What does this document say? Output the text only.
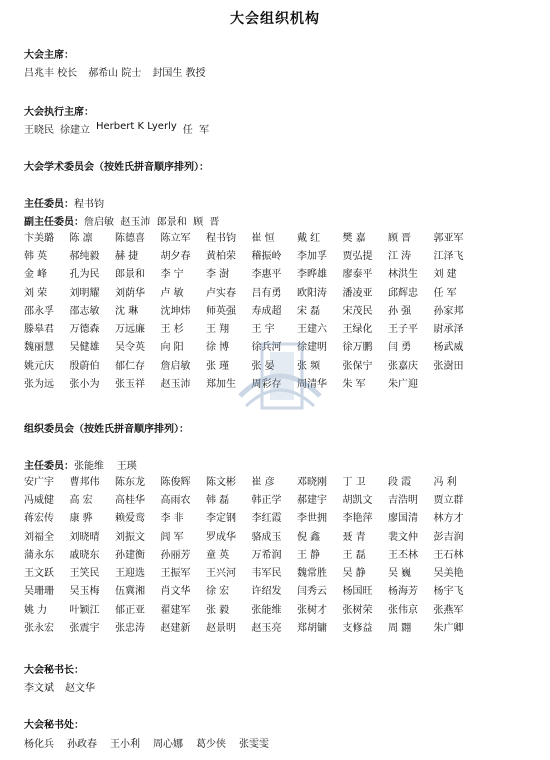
大会组织机构
大会主席：
吕兆丰 校长 郝希山 院士 封国生 教授
大会执行主席：
王晓民 徐建立 Herbert K Lyerly 任  军
大会学术委员会（按姓氏拼音顺序排列）：
主任委员：程书钧
副主任委员：詹启敏  赵玉沛  郎景和  顾  晋
卞美璐	陈 凛	陈德喜	陈立军	程书钧	崔 恒	戴 红	樊 嘉	顾 晋	郭亚军
韩 英	郝纯毅	赫 捷	胡夕春	黄柏荣	稽振岭	李加孚	贾弘提	江 涛	江泽飞
金 峰	孔为民	郎景和	李 宁	李 澍	李惠平	李晔雄	廖泰平	林洪生	刘 建
刘 荣	刘明耀	刘荫华	卢 敏	卢实春	吕有勇	欧阳涛	潘凌亚	邱辉忠	任 军
邵永孚	邵志敏	沈 琳	沈坤炜	师英强	寿成超	宋 磊	宋茂民	孙 强	孙家邦
滕皋君	万德森	万远廉	王 杉	王 翔	王 宇	王建六	王绿化	王子平	尉承泽
魏丽慧	吴健雄	吴令英	向 阳	徐 博	徐兵河	徐建明	徐万鹏	闫 勇	杨武威
姚元庆	殷蔚伯	郁仁存	詹启敏	张 瑾	张 晏	张 频	张保宁	张嘉庆	张澍田
张为远	张小为	张玉祥	赵玉沛	郑加生	周彩存	周清华	朱 军	朱广迎
组织委员会（按姓氏拼音顺序排列）：
主任委员：张能维    王瑛
安广宇	曹邦伟	陈东龙	陈俊辉	陈文彬	崔 彦	邓晓刚	丁 卫	段 霞	冯 利
冯威健	高 宏	高桂华	高雨农	韩 磊	韩正学	郝建宇	胡凯文	吉浩明	贾立群
蒋宏传	康 骅	赖爱鸾	李 非	李定钢	李红霞	李世拥	李艳萍	廖国清	林方才
刘福全	刘晓晴	刘振文	闾 军	罗成华	骆成玉	倪 鑫	聂 青	裴文仲	彭吉润
蒲永东	戚晓东	孙建衡	孙丽芳	童 英	万希润	王 静	王 磊	王丕林	王石林
王文跃	王笑民	王迎选	王振军	王兴河	韦军民	魏常胜	吴 静	吴 巍	吴美艳
吴珊珊	吴玉梅	伍冀湘	肖文华	徐 宏	许绍发	闫秀云	杨国旺	杨海芳	杨宇飞
姚 力	叶颖江	郁正亚	翟建军	张 毅	张能维	张树才	张树荣	张伟京	张燕军
张永宏	张震宇	张忠涛	赵建新	赵景明	赵玉亮	郑胡镛	支修益	周 翾	朱广卿
大会秘书长：
李文斌 赵文华
大会秘书处：
杨化兵 孙政春 王小利 周心娜 葛少侠 张雯雯
